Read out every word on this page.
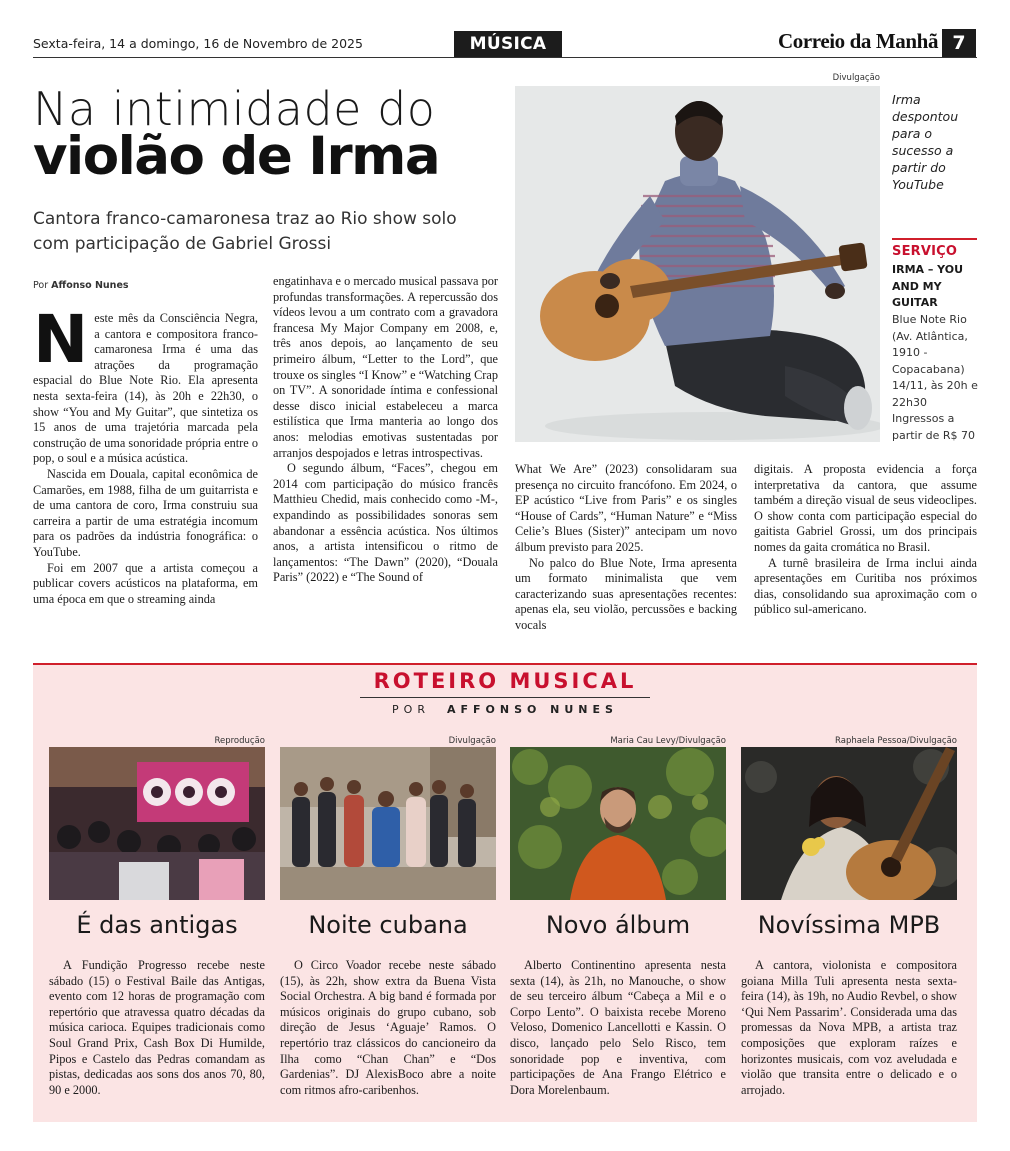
Sexta-feira, 14 a domingo, 16 de Novembro de 2025	MÚSICA	Correio da Manhã 7
Na intimidade do
violão de Irma
Cantora franco-camaronesa traz ao Rio show solo com participação de Gabriel Grossi
Por Affonso Nunes
N este mês da Consciência Negra, a cantora e compositora franco-camaronesa Irma é uma das atrações da programação espacial do Blue Note Rio. Ela apresenta nesta sexta-feira (14), às 20h e 22h30, o show “You and My Guitar”, que sintetiza os 15 anos de uma trajetória marcada pela construção de uma sonoridade própria entre o pop, o soul e a música acústica.

Nascida em Douala, capital econômica de Camarões, em 1988, filha de um guitarrista e de uma cantora de coro, Irma construiu sua carreira a partir de uma estratégia incomum para os padrões da indústria fonográfica: o YouTube.

Foi em 2007 que a artista começou a publicar covers acústicos na plataforma, em uma época em que o streaming ainda

engatinhava e o mercado musical passava por profundas transformações. A repercussão dos vídeos levou a um contrato com a gravadora francesa My Major Company em 2008, e, três anos depois, ao lançamento de seu primeiro álbum, “Letter to the Lord”, que trouxe os singles “I Know” e “Watching Crap on TV”. A sonoridade íntima e confessional desse disco inicial estabeleceu a marca estilística que Irma manteria ao longo dos anos: melodias emotivas sustentadas por arranjos despojados e letras introspectivas.

O segundo álbum, “Faces”, chegou em 2014 com participação do músico francês Matthieu Chedid, mais conhecido como -M-, expandindo as possibilidades sonoras sem abandonar a essência acústica. Nos últimos anos, a artista intensificou o ritmo de lançamentos: “The Dawn” (2020), “Douala Paris” (2022) e “The Sound of

What We Are” (2023) consolidaram sua presença no circuito francófono. Em 2024, o EP acústico “Live from Paris” e os singles “House of Cards”, “Human Nature” e “Miss Celie’s Blues (Sister)” antecipam um novo álbum previsto para 2025.

No palco do Blue Note, Irma apresenta um formato minimalista que vem caracterizando suas apresentações recentes: apenas ela, seu violão, percussões e backing vocals

digitais. A proposta evidencia a força interpretativa da cantora, que assume também a direção visual de seus videoclipes. O show conta com participação especial do gaitista Gabriel Grossi, um dos principais nomes da gaita cromática no Brasil.

A turnê brasileira de Irma inclui ainda apresentações em Curitiba nos próximos dias, consolidando sua aproximação com o público sul-americano.

Divulgação
Irma despontou para o sucesso a partir do YouTube
SERVIÇO
IRMA – YOU AND MY GUITAR
Blue Note Rio (Av. Atlântica, 1910 - Copacabana) 14/11, às 20h e 22h30 Ingressos a partir de R$ 70
ROTEIRO MUSICAL
POR AFFONSO NUNES
Reprodução
É das antigas
A Fundição Progresso recebe neste sábado (15) o Festival Baile das Antigas, evento com 12 horas de programação com repertório que atravessa quatro décadas da música carioca. Equipes tradicionais como Soul Grand Prix, Cash Box Di Humilde, Pipos e Castelo das Pedras comandam as pistas, dedicadas aos sons dos anos 70, 80, 90 e 2000.
Divulgação
Noite cubana
O Circo Voador recebe neste sábado (15), às 22h, show extra da Buena Vista Social Orchestra. A big band é formada por músicos originais do grupo cubano, sob direção de Jesus ‘Aguaje’ Ramos. O repertório traz clássicos do cancioneiro da Ilha como “Chan Chan” e “Dos Gardenias”. DJ AlexisBoco abre a noite com ritmos afro-caribenhos.
Maria Cau Levy/Divulgação
Novo álbum
Alberto Continentino apresenta nesta sexta (14), às 21h, no Manouche, o show de seu terceiro álbum “Cabeça a Mil e o Corpo Lento”. O baixista recebe Moreno Veloso, Domenico Lancellotti e Kassin. O disco, lançado pelo Selo Risco, tem sonoridade pop e inventiva, com participações de Ana Frango Elétrico e Dora Morelenbaum.
Raphaela Pessoa/Divulgação
Novíssima MPB
A cantora, violonista e compositora goiana Milla Tuli apresenta nesta sexta-feira (14), às 19h, no Audio Revbel, o show ‘Qui Nem Passarim’. Considerada uma das promessas da Nova MPB, a artista traz composições que exploram raízes e horizontes musicais, com voz aveludada e violão que transita entre o delicado e o arrojado.
